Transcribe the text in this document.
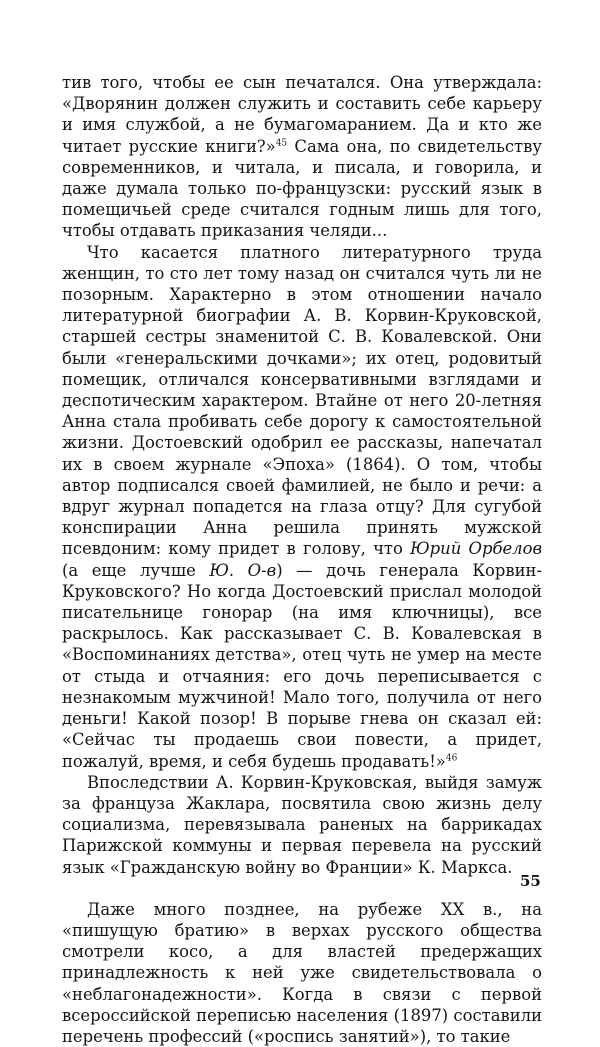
тив того, чтобы ее сын печатался. Она утверждала: «Дворянин должен служить и составить себе карьеру и имя службой, а не бумагомаранием. Да и кто же читает русские книги?»$^{45}$ Сама она, по свидетельству современников, и читала, и писала, и говорила, и даже думала только по-французски: русский язык в помещичьей среде считался годным лишь для того, чтобы отдавать приказания челяди...

Что касается платного литературного труда женщин, то сто лет тому назад он считался чуть ли не позорным. Характерно в этом отношении начало литературной биографии А. В. Корвин-Круковской, старшей сестры знаменитой С. В. Ковалевской. Они были «генеральскими дочками»; их отец, родовитый помещик, отличался консервативными взглядами и деспотическим характером. Втайне от него 20-летняя Анна стала пробивать себе дорогу к самостоятельной жизни. Достоевский одобрил ее рассказы, напечатал их в своем журнале «Эпоха» (1864). О том, чтобы автор подписался своей фамилией, не было и речи: а вдруг журнал попадется на глаза отцу? Для сугубой конспирации Анна решила принять мужской псевдоним: кому придет в голову, что Юрий Орбелов (а еще лучше Ю. О-в) — дочь генерала Корвин-Круковского? Но когда Достоевский прислал молодой писательнице гонорар (на имя ключницы), все раскрылось. Как рассказывает С. В. Ковалевская в «Воспоминаниях детства», отец чуть не умер на месте от стыда и отчаяния: его дочь переписывается с незнакомым мужчиной! Мало того, получила от него деньги! Какой позор! В порыве гнева он сказал ей: «Сейчас ты продаешь свои повести, а придет, пожалуй, время, и себя будешь продавать!»$^{46}$

Впоследствии А. Корвин-Круковская, выйдя замуж за француза Жаклара, посвятила свою жизнь делу социализма, перевязывала раненых на баррикадах Парижской коммуны и первая перевела на русский язык «Гражданскую войну во Франции» К. Маркса.

Даже много позднее, на рубеже XX в., на «пишущую братию» в верхах русского общества смотрели косо, а для властей предержащих принадлежность к ней уже свидетельствовала о «неблагонадежности». Когда в связи с первой всероссийской переписью населения (1897) составили перечень профессий («роспись занятий»), то такие

55
